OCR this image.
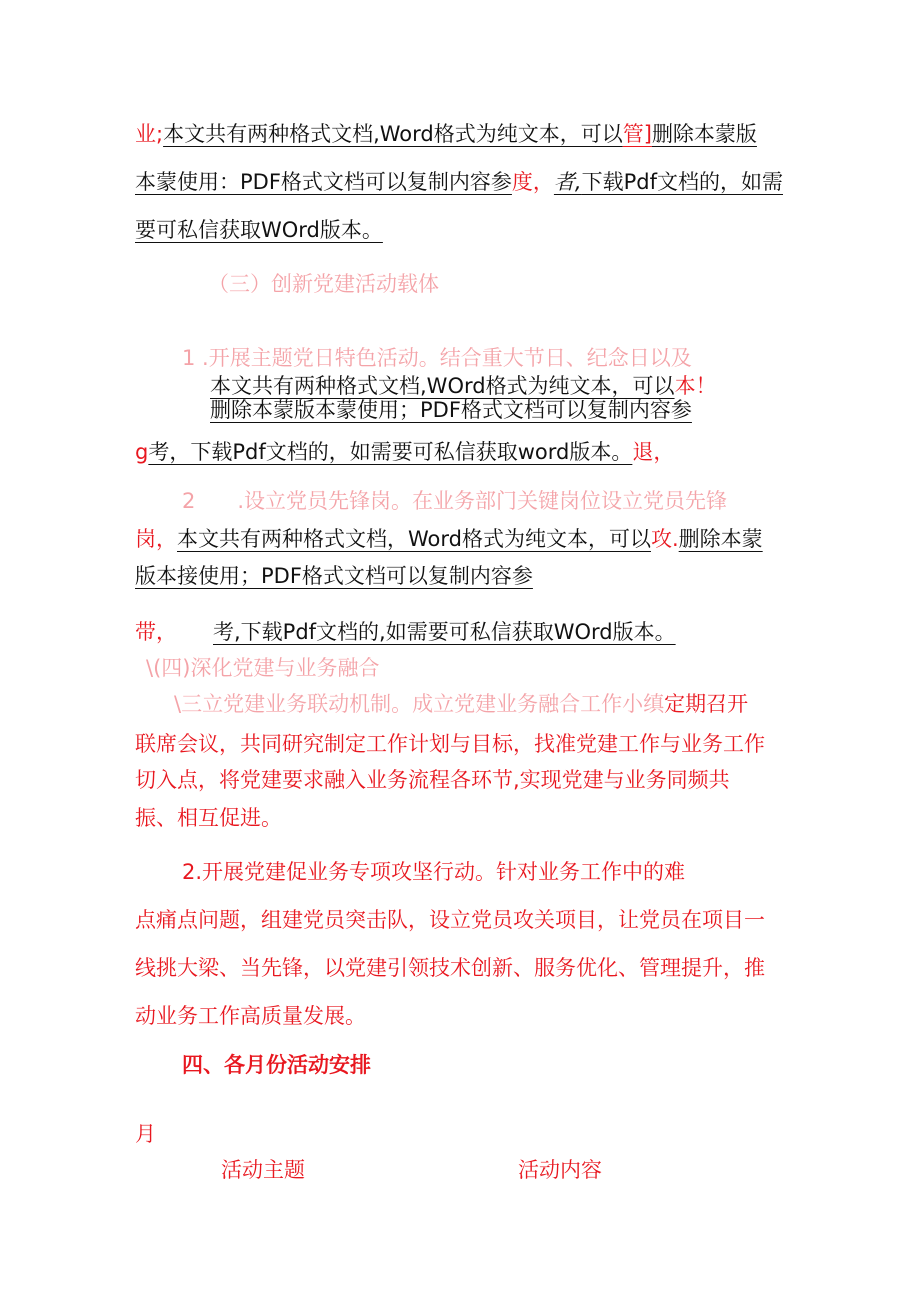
业;本文共有两种格式文档,Word格式为纯文本，可以管]删除本蒙版
本蒙使用：PDF格式文档可以复制内容参度，者,下载Pdf文档的，如需
要可私信获取WOrd版本。
（三）创新党建活动载体
1 .开展主题党日特色活动。结合重大节日、纪念日以及
本文共有两种格式文档,WOrd格式为纯文本，可以本！
删除本蒙版本蒙使用；PDF格式文档可以复制内容参
g考，下载Pdf文档的，如需要可私信获取word版本。退，
2　　.设立党员先锋岗。在业务部门关键岗位设立党员先锋
岗，本文共有两种格式文档，Word格式为纯文本，可以攻.删除本蒙
版本接使用；PDF格式文档可以复制内容参
带， 考,下载Pdf文档的,如需要可私信获取WOrd版本。
\(四)深化党建与业务融合
\三立党建业务联动机制。成立党建业务融合工作小缜定期召开
联席会议，共同研究制定工作计划与目标，找准党建工作与业务工作
切入点，将党建要求融入业务流程各环节,实现党建与业务同频共
振、相互促进。
2.开展党建促业务专项攻坚行动。针对业务工作中的难
点痛点问题，组建党员突击队，设立党员攻关项目，让党员在项目一
线挑大梁、当先锋，以党建引领技术创新、服务优化、管理提升，推
动业务工作高质量发展。
四、各月份活动安排
月
活动主题	活动内容
